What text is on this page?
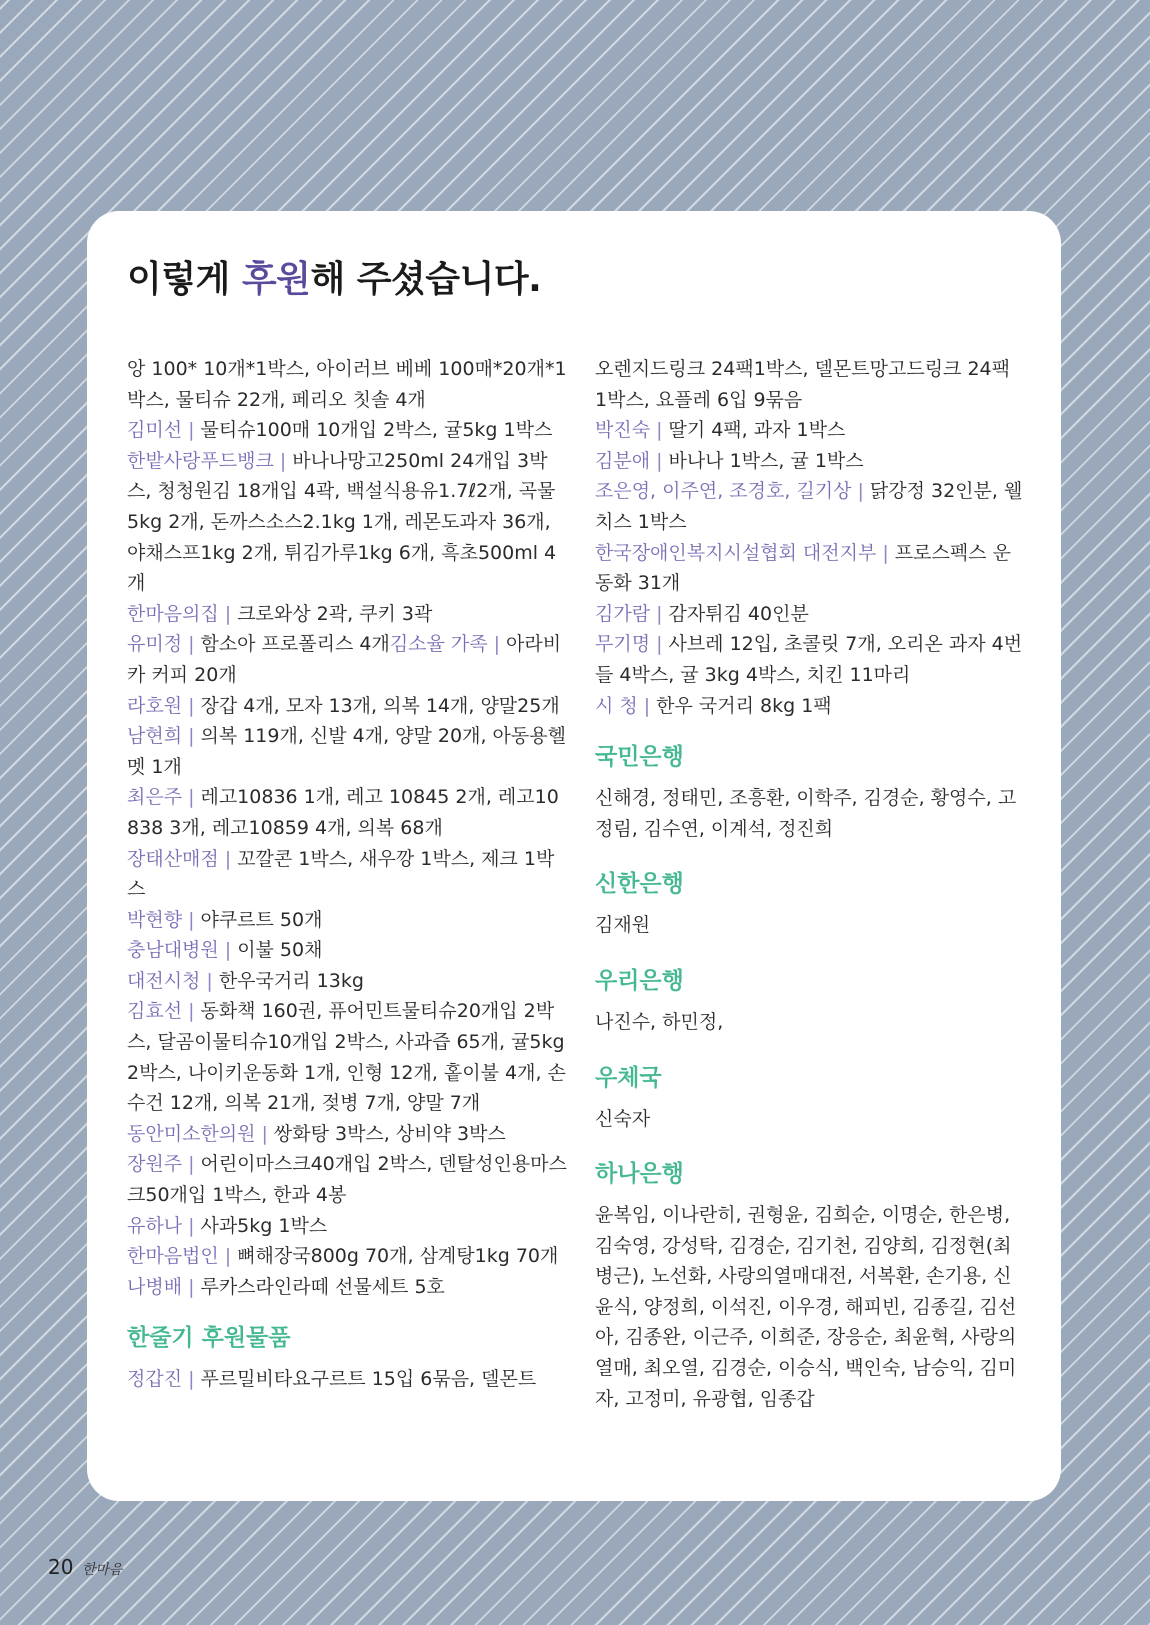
이렇게 후원해 주셨습니다.

앙 100* 10개*1박스, 아이러브 베베 100매*20개*1박스, 물티슈 22개, 페리오 칫솔 4개

김미선 | 물티슈100매 10개입 2박스, 귤5kg 1박스

한밭사랑푸드뱅크 | 바나나망고250ml 24개입 3박스, 청청원김 18개입 4곽, 백설식용유1.7ℓ2개, 곡물5kg 2개, 돈까스소스2.1kg 1개, 레몬도과자 36개, 야채스프1kg 2개, 튀김가루1kg 6개, 흑초500ml 4개

한마음의집 | 크로와상 2곽, 쿠키 3곽

유미정 | 함소아 프로폴리스 4개김소율 가족 | 아라비카 커피 20개

라호원 | 장갑 4개, 모자 13개, 의복 14개, 양말25개

남현희 | 의복 119개, 신발 4개, 양말 20개, 아동용헬멧 1개

최은주 | 레고10836 1개, 레고 10845 2개, 레고10838 3개, 레고10859 4개, 의복 68개

장태산매점 | 꼬깔콘 1박스, 새우깡 1박스, 제크 1박스

박현향 | 야쿠르트 50개

충남대병원 | 이불 50채

대전시청 | 한우국거리 13kg

김효선 | 동화책 160권, 퓨어민트물티슈20개입 2박스, 달곰이물티슈10개입 2박스, 사과즙 65개, 귤5kg 2박스, 나이키운동화 1개, 인형 12개, 홑이불 4개, 손수건 12개, 의복 21개, 젖병 7개, 양말 7개

동안미소한의원 | 쌍화탕 3박스, 상비약 3박스

장원주 | 어린이마스크40개입 2박스, 덴탈성인용마스크50개입 1박스, 한과 4봉

유하나 | 사과5kg 1박스

한마음법인 | 뼈해장국800g 70개, 삼계탕1kg 70개

나병배 | 루카스라인라떼 선물세트 5호

한줄기 후원물품

정갑진 | 푸르밀비타요구르트 15입 6묶음, 델몬트

오렌지드링크 24팩1박스, 델몬트망고드링크 24팩 1박스, 요플레 6입 9묶음

박진숙 | 딸기 4팩, 과자 1박스

김분애 | 바나나 1박스, 귤 1박스

조은영, 이주연, 조경호, 길기상 | 닭강정 32인분, 웰치스 1박스

한국장애인복지시설협회 대전지부 | 프로스펙스 운동화 31개

김가람 | 감자튀김 40인분

무기명 | 사브레 12입, 초콜릿 7개, 오리온 과자 4번들 4박스, 귤 3kg 4박스, 치킨 11마리

시 청 | 한우 국거리 8kg 1팩

국민은행

신해경, 정태민, 조흥환, 이학주, 김경순, 황영수, 고정림, 김수연, 이계석, 정진희

신한은행

김재원

우리은행

나진수, 하민정,

우체국

신숙자

하나은행

윤복임, 이나란히, 권형윤, 김희순, 이명순, 한은병, 김숙영, 강성탁, 김경순, 김기천, 김양희, 김정현(최병근), 노선화, 사랑의열매대전, 서복환, 손기용, 신윤식, 양정희, 이석진, 이우경, 해피빈, 김종길, 김선아, 김종완, 이근주, 이희준, 장응순, 최윤혁, 사랑의열매, 최오열, 김경순, 이승식, 백인숙, 남승익, 김미자, 고정미, 유광협, 임종갑

20 한마음
